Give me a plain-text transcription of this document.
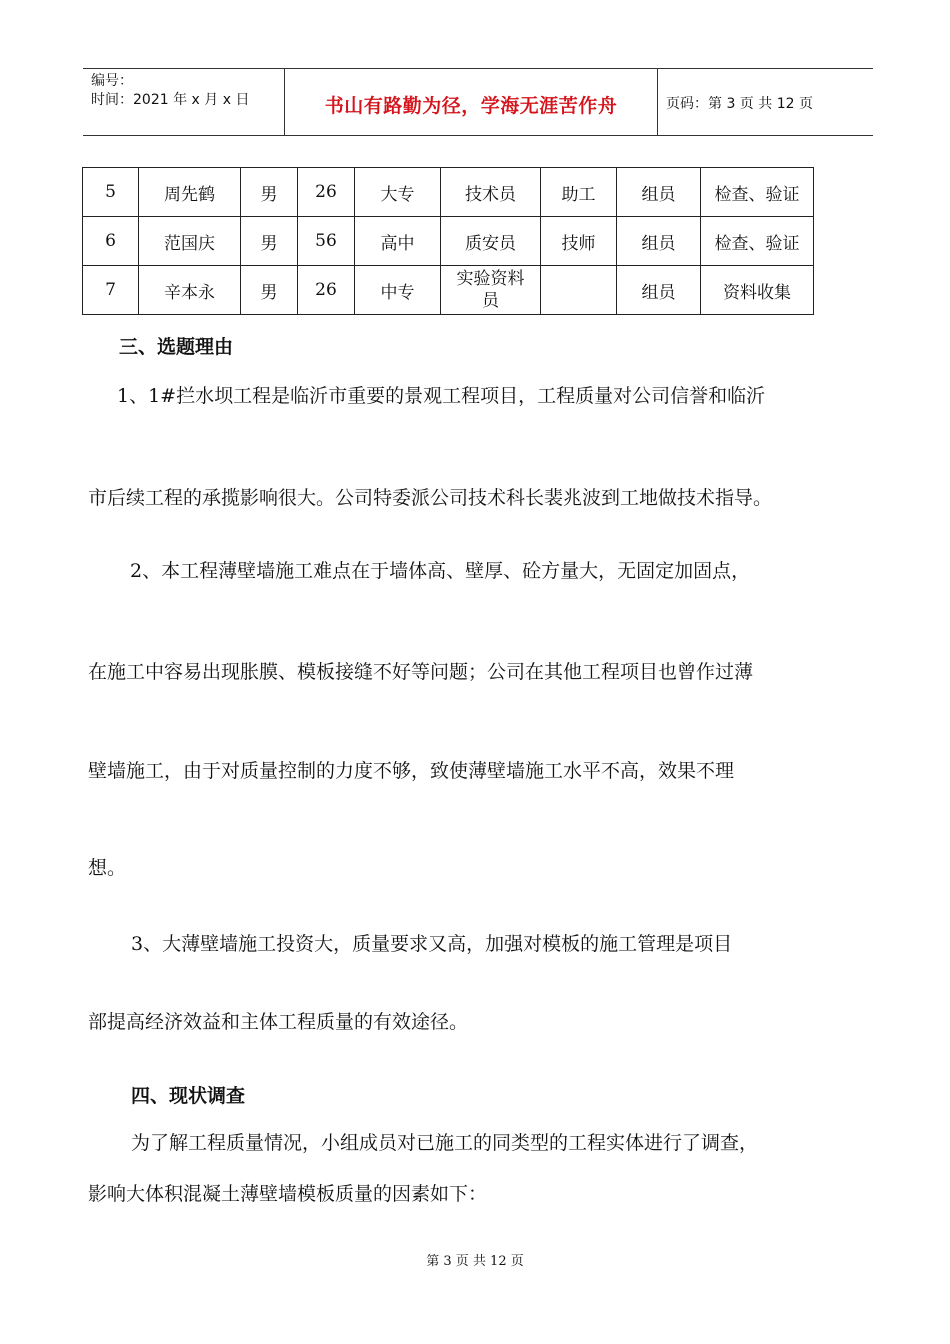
编号：
时间：2021 年 x 月 x 日	书山有路勤为径，学海无涯苦作舟	页码：第 3 页 共 12 页
5	周先鹤	男	26	大专	技术员	助工	组员	检查、验证
6	范国庆	男	56	高中	质安员	技师	组员	检查、验证
7	辛本永	男	26	中专	实验资料员		组员	资料收集
三、选题理由
1、1#拦水坝工程是临沂市重要的景观工程项目，工程质量对公司信誉和临沂
市后续工程的承揽影响很大。公司特委派公司技术科长裴兆波到工地做技术指导。
2、本工程薄壁墙施工难点在于墙体高、壁厚、砼方量大，无固定加固点，
在施工中容易出现胀膜、模板接缝不好等问题；公司在其他工程项目也曾作过薄
壁墙施工，由于对质量控制的力度不够，致使薄壁墙施工水平不高，效果不理
想。
3、大薄壁墙施工投资大，质量要求又高，加强对模板的施工管理是项目
部提高经济效益和主体工程质量的有效途径。
四、现状调查
为了解工程质量情况，小组成员对已施工的同类型的工程实体进行了调查，
影响大体积混凝土薄壁墙模板质量的因素如下：
第 3 页 共 12 页
